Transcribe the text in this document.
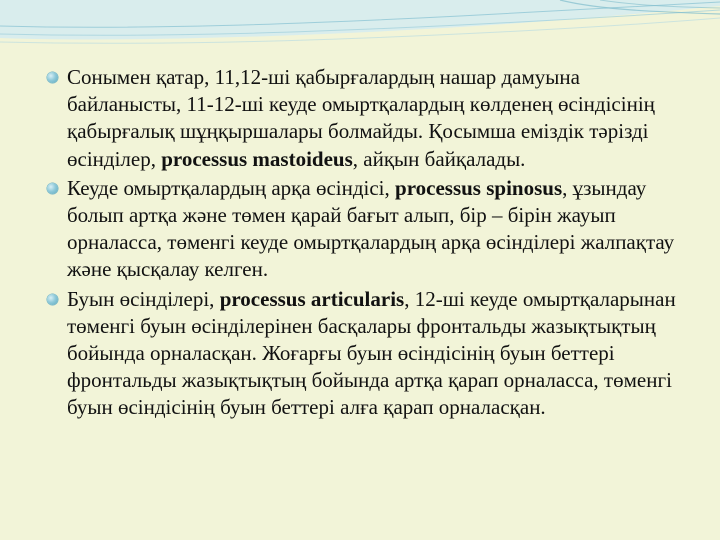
Сонымен қатар, 11,12-ші қабырғалардың нашар дамуына байланысты, 11-12-ші кеуде омыртқалардың көлденең өсіндісінің қабырғалық шұңқыршалары болмайды. Қосымша еміздік тәрізді өсінділер, processus mastoideus, айқын байқалады.
Кеуде омыртқалардың арқа өсіндісі, processus spinosus, ұзындау болып артқа және төмен қарай бағыт алып, бір – бірін жауып орналасса, төменгі кеуде омыртқалардың арқа өсінділері жалпақтау және қысқалау келген.
Буын өсінділері, processus articularis, 12-ші кеуде омыртқаларынан төменгі буын өсінділерінен басқалары фронтальды жазықтықтың бойында орналасқан. Жоғарғы буын өсіндісінің буын беттері фронтальды жазықтықтың бойында артқа қарап орналасса, төменгі буын өсіндісінің буын беттері алға қарап орналасқан.
